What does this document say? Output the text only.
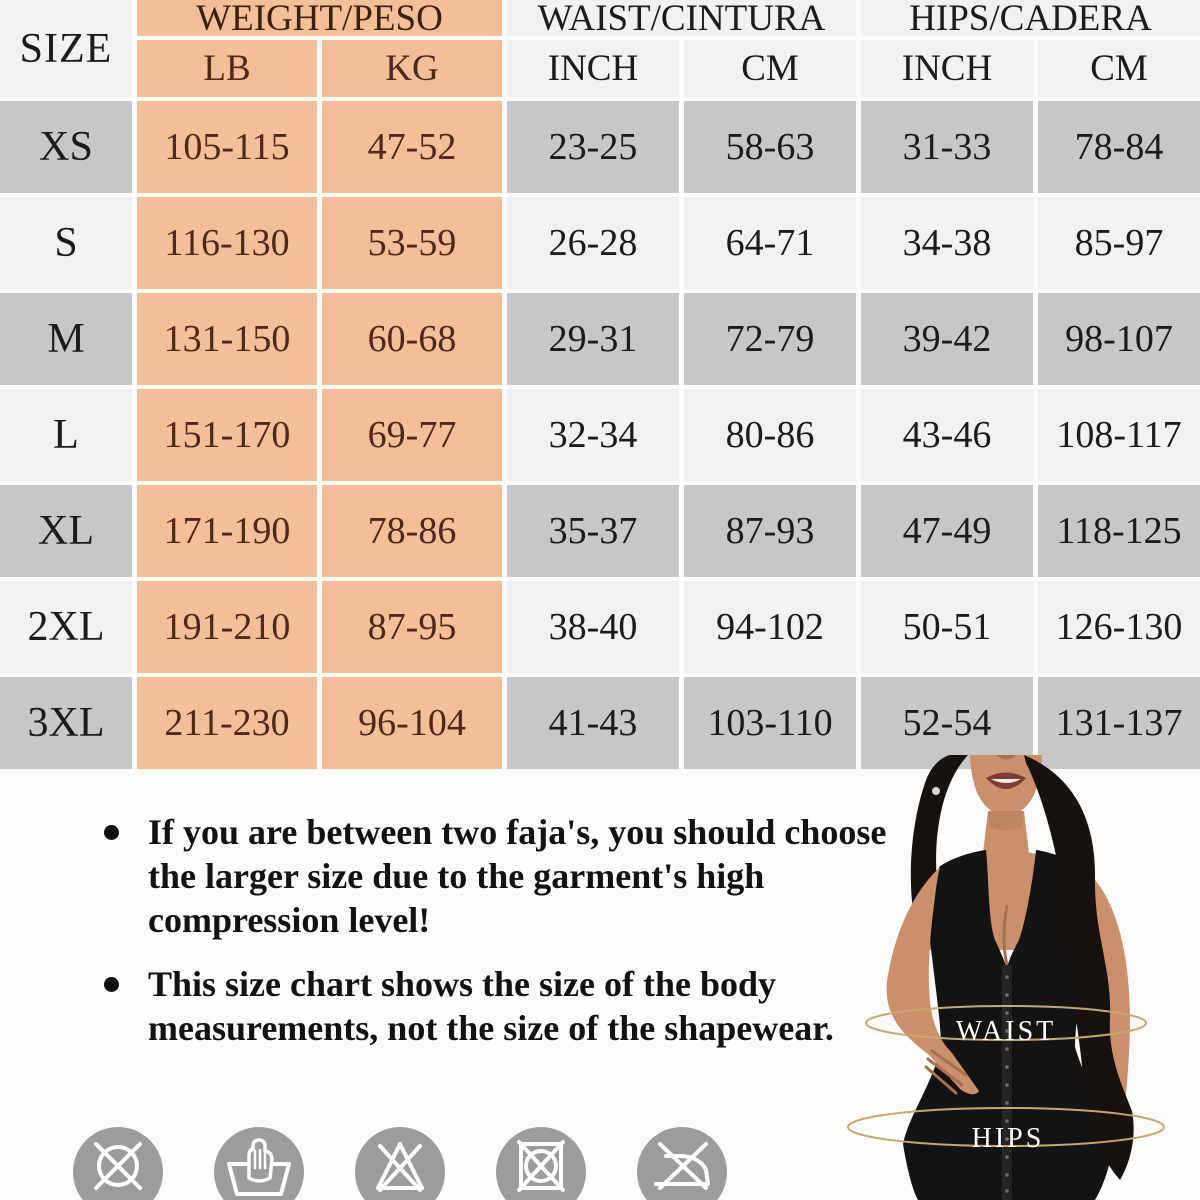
SIZE
WEIGHT/PESO	WAIST/CINTURA	HIPS/CADERA
LB	KG	INCH	CM	INCH	CM
XS	105-115	47-52	23-25	58-63	31-33	78-84
S	116-130	53-59	26-28	64-71	34-38	85-97
M	131-150	60-68	29-31	72-79	39-42	98-107
L	151-170	69-77	32-34	80-86	43-46	108-117
XL	171-190	78-86	35-37	87-93	47-49	118-125
2XL	191-210	87-95	38-40	94-102	50-51	126-130
3XL	211-230	96-104	41-43	103-110	52-54	131-137

If you are between two faja's, you should choose the larger size due to the garment's high compression level!

This size chart shows the size of the body measurements, not the size of the shapewear.	WAIST
HIPS
